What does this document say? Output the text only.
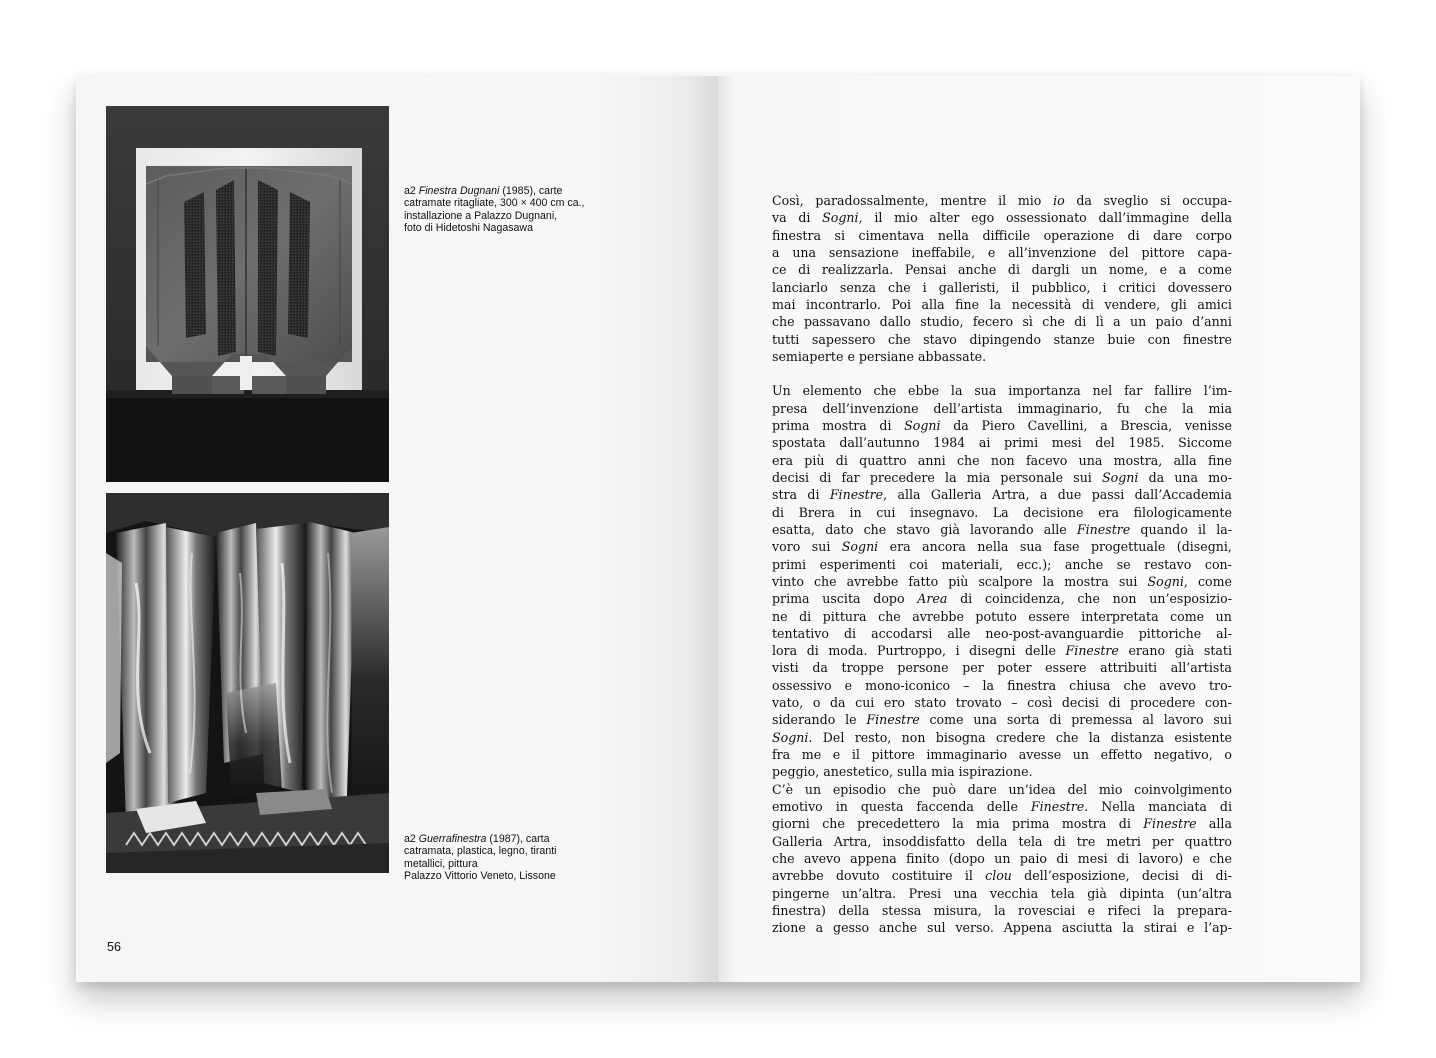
a2 Finestra Dugnani (1985), carte
catramate ritagliate, 300 × 400 cm ca.,
installazione a Palazzo Dugnani,
foto di Hidetoshi Nagasawa
a2 Guerrafinestra (1987), carta
catramata, plastica, legno, tiranti
metallici, pittura
Palazzo Vittorio Veneto, Lissone
56
Così, paradossalmente, mentre il mio io da sveglio si occupa-
va di Sogni, il mio alter ego ossessionato dall’immagine della
finestra si cimentava nella difficile operazione di dare corpo
a una sensazione ineffabile, e all’invenzione del pittore capa-
ce di realizzarla. Pensai anche di dargli un nome, e a come
lanciarlo senza che i galleristi, il pubblico, i critici dovessero
mai incontrarlo. Poi alla fine la necessità di vendere, gli amici
che passavano dallo studio, fecero sì che di lì a un paio d’anni
tutti sapessero che stavo dipingendo stanze buie con finestre
semiaperte e persiane abbassate.
Un elemento che ebbe la sua importanza nel far fallire l’im-
presa dell’invenzione dell’artista immaginario, fu che la mia
prima mostra di Sogni da Piero Cavellini, a Brescia, venisse
spostata dall’autunno 1984 ai primi mesi del 1985. Siccome
era più di quattro anni che non facevo una mostra, alla fine
decisi di far precedere la mia personale sui Sogni da una mo-
stra di Finestre, alla Galleria Artra, a due passi dall’Accademia
di Brera in cui insegnavo. La decisione era filologicamente
esatta, dato che stavo già lavorando alle Finestre quando il la-
voro sui Sogni era ancora nella sua fase progettuale (disegni,
primi esperimenti coi materiali, ecc.); anche se restavo con-
vinto che avrebbe fatto più scalpore la mostra sui Sogni, come
prima uscita dopo Area di coincidenza, che non un’esposizio-
ne di pittura che avrebbe potuto essere interpretata come un
tentativo di accodarsi alle neo-post-avanguardie pittoriche al-
lora di moda. Purtroppo, i disegni delle Finestre erano già stati
visti da troppe persone per poter essere attribuiti all’artista
ossessivo e mono-iconico – la finestra chiusa che avevo tro-
vato, o da cui ero stato trovato – così decisi di procedere con-
siderando le Finestre come una sorta di premessa al lavoro sui
Sogni. Del resto, non bisogna credere che la distanza esistente
fra me e il pittore immaginario avesse un effetto negativo, o
peggio, anestetico, sulla mia ispirazione.
C’è un episodio che può dare un’idea del mio coinvolgimento
emotivo in questa faccenda delle Finestre. Nella manciata di
giorni che precedettero la mia prima mostra di Finestre alla
Galleria Artra, insoddisfatto della tela di tre metri per quattro
che avevo appena finito (dopo un paio di mesi di lavoro) e che
avrebbe dovuto costituire il clou dell’esposizione, decisi di di-
pingerne un’altra. Presi una vecchia tela già dipinta (un’altra
finestra) della stessa misura, la rovesciai e rifeci la prepara-
zione a gesso anche sul verso. Appena asciutta la stirai e l’ap-
